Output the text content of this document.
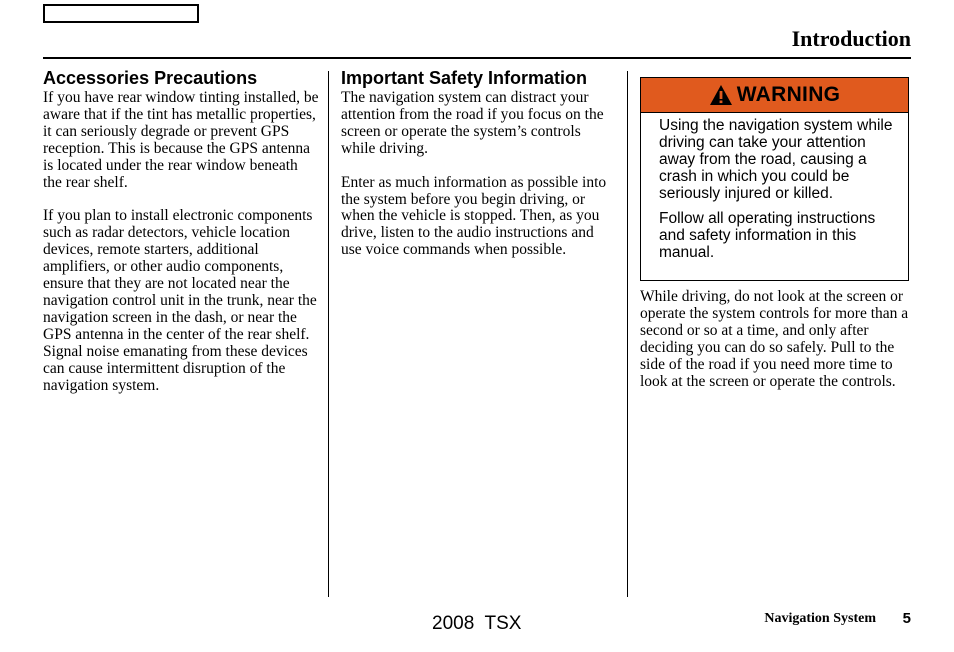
Introduction
Accessories Precautions

If you have rear window tinting installed, be aware that if the tint has metallic properties, it can seriously degrade or prevent GPS reception. This is because the GPS antenna is located under the rear window beneath the rear shelf.

If you plan to install electronic components such as radar detectors, vehicle location devices, remote starters, additional amplifiers, or other audio components, ensure that they are not located near the navigation control unit in the trunk, near the navigation screen in the dash, or near the GPS antenna in the center of the rear shelf. Signal noise emanating from these devices can cause intermittent disruption of the navigation system.

Important Safety Information

The navigation system can distract your attention from the road if you focus on the screen or operate the system’s controls while driving.

Enter as much information as possible into the system before you begin driving, or when the vehicle is stopped. Then, as you drive, listen to the audio instructions and use voice commands when possible.

WARNING

Using the navigation system while driving can take your attention away from the road, causing a crash in which you could be seriously injured or killed.

Follow all operating instructions and safety information in this manual.

While driving, do not look at the screen or operate the system controls for more than a second or so at a time, and only after deciding you can do so safely. Pull to the side of the road if you need more time to look at the screen or operate the controls.

2008  TSX	Navigation System 5
